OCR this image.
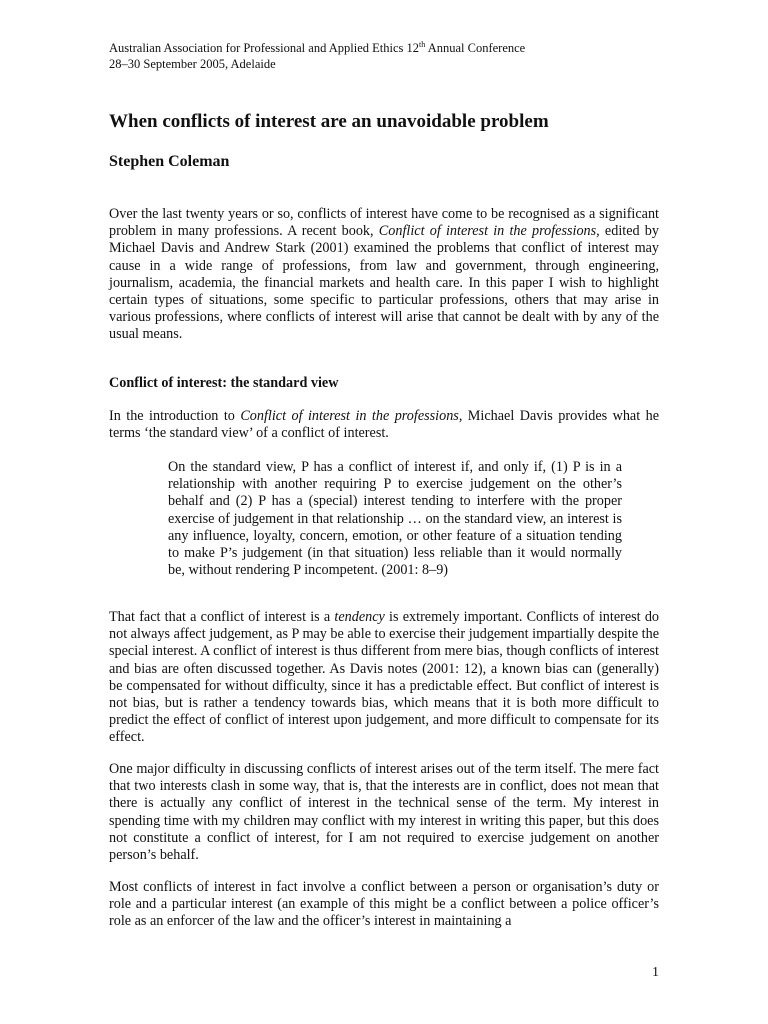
Australian Association for Professional and Applied Ethics 12th Annual Conference
28–30 September 2005, Adelaide
When conflicts of interest are an unavoidable problem
Stephen Coleman

Over the last twenty years or so, conflicts of interest have come to be recognised as a significant problem in many professions. A recent book, Conflict of interest in the professions, edited by Michael Davis and Andrew Stark (2001) examined the problems that conflict of interest may cause in a wide range of professions, from law and government, through engineering, journalism, academia, the financial markets and health care. In this paper I wish to highlight certain types of situations, some specific to particular professions, others that may arise in various professions, where conflicts of interest will arise that cannot be dealt with by any of the usual means.

Conflict of interest: the standard view

In the introduction to Conflict of interest in the professions, Michael Davis provides what he terms ‘the standard view’ of a conflict of interest.

On the standard view, P has a conflict of interest if, and only if, (1) P is in a relationship with another requiring P to exercise judgement on the other’s behalf and (2) P has a (special) interest tending to interfere with the proper exercise of judgement in that relationship … on the standard view, an interest is any influence, loyalty, concern, emotion, or other feature of a situation tending to make P’s judgement (in that situation) less reliable than it would normally be, without rendering P incompetent. (2001: 8–9)

That fact that a conflict of interest is a tendency is extremely important. Conflicts of interest do not always affect judgement, as P may be able to exercise their judgement impartially despite the special interest. A conflict of interest is thus different from mere bias, though conflicts of interest and bias are often discussed together. As Davis notes (2001: 12), a known bias can (generally) be compensated for without difficulty, since it has a predictable effect. But conflict of interest is not bias, but is rather a tendency towards bias, which means that it is both more difficult to predict the effect of conflict of interest upon judgement, and more difficult to compensate for its effect.

One major difficulty in discussing conflicts of interest arises out of the term itself. The mere fact that two interests clash in some way, that is, that the interests are in conflict, does not mean that there is actually any conflict of interest in the technical sense of the term. My interest in spending time with my children may conflict with my interest in writing this paper, but this does not constitute a conflict of interest, for I am not required to exercise judgement on another person’s behalf.

Most conflicts of interest in fact involve a conflict between a person or organisation’s duty or role and a particular interest (an example of this might be a conflict between a police officer’s role as an enforcer of the law and the officer’s interest in maintaining a

1
